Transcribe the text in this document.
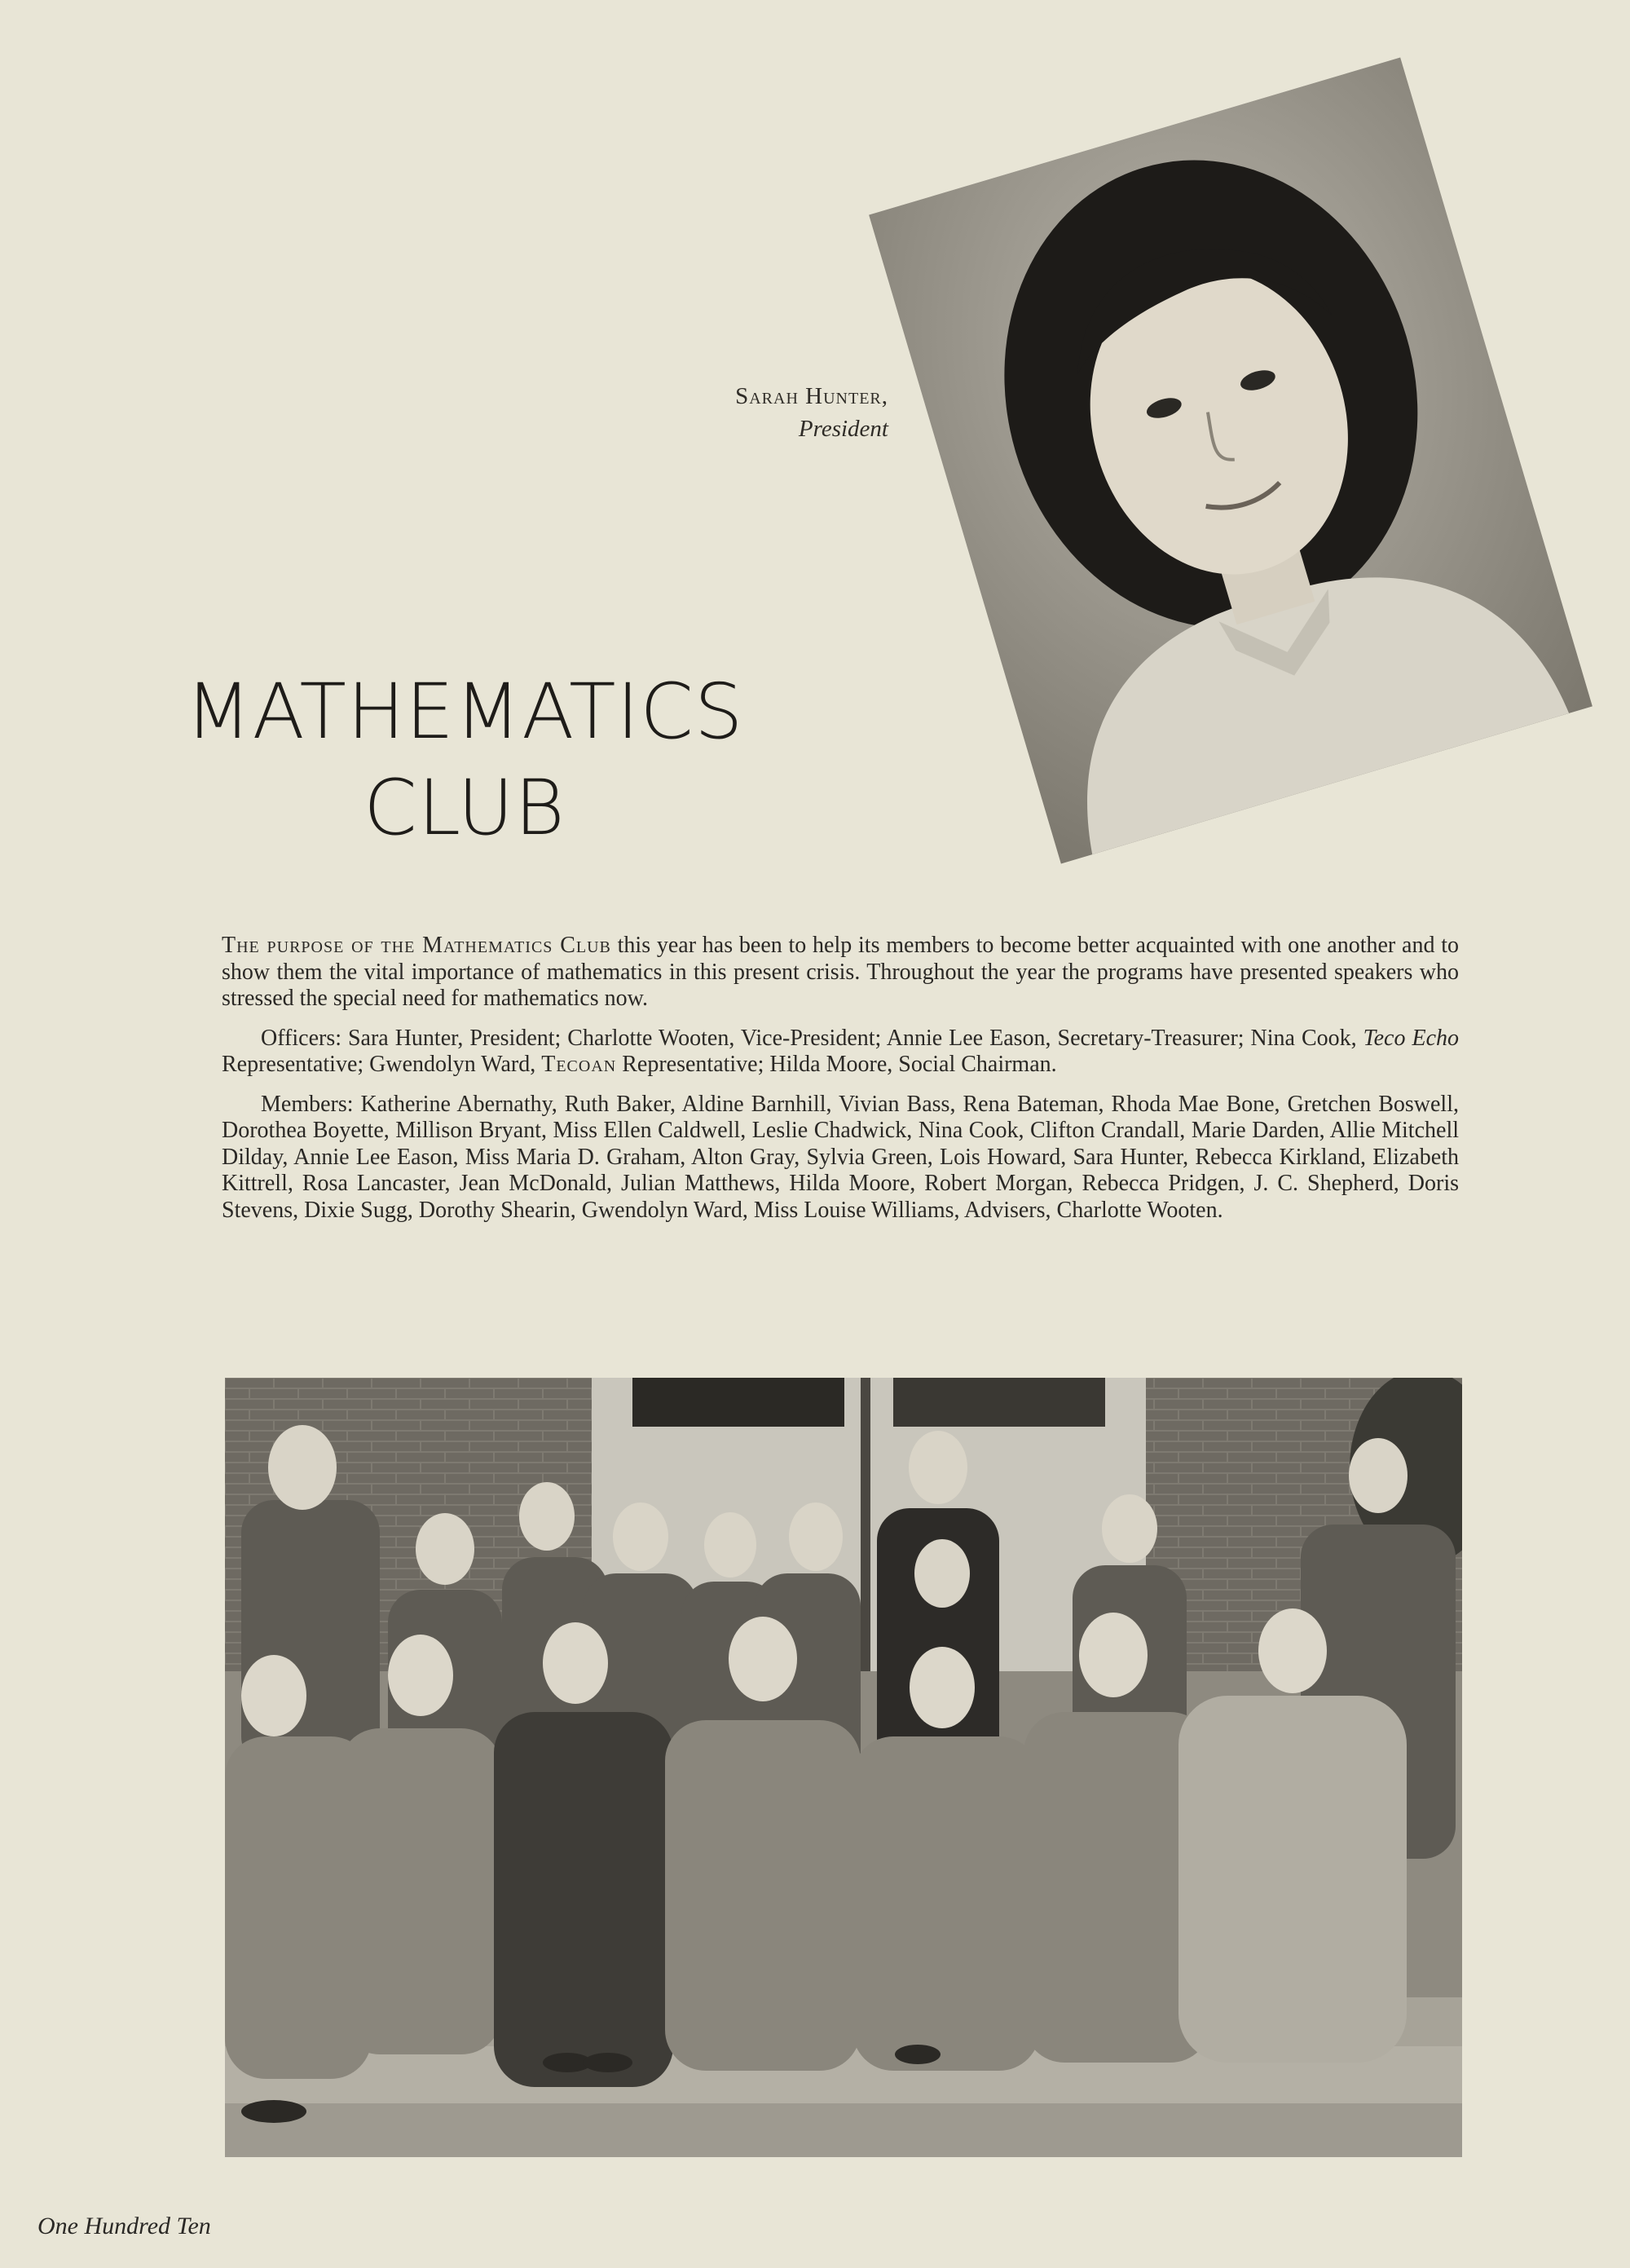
Sarah Hunter,
President
MATHEMATICS
CLUB

The purpose of the Mathematics Club this year has been to help its members to become better acquainted with one another and to show them the vital importance of mathematics in this present crisis. Throughout the year the programs have presented speakers who stressed the special need for mathematics now.

Officers: Sara Hunter, President; Charlotte Wooten, Vice-President; Annie Lee Eason, Secretary-Treasurer; Nina Cook, Teco Echo Representative; Gwendolyn Ward, Tecoan Representative; Hilda Moore, Social Chairman.

Members: Katherine Abernathy, Ruth Baker, Aldine Barnhill, Vivian Bass, Rena Bateman, Rhoda Mae Bone, Gretchen Boswell, Dorothea Boyette, Millison Bryant, Miss Ellen Caldwell, Leslie Chadwick, Nina Cook, Clifton Crandall, Marie Darden, Allie Mitchell Dilday, Annie Lee Eason, Miss Maria D. Graham, Alton Gray, Sylvia Green, Lois Howard, Sara Hunter, Rebecca Kirkland, Elizabeth Kittrell, Rosa Lancaster, Jean McDonald, Julian Matthews, Hilda Moore, Robert Morgan, Rebecca Pridgen, J. C. Shepherd, Doris Stevens, Dixie Sugg, Dorothy Shearin, Gwendolyn Ward, Miss Louise Williams, Advisers, Charlotte Wooten.

One Hundred Ten
